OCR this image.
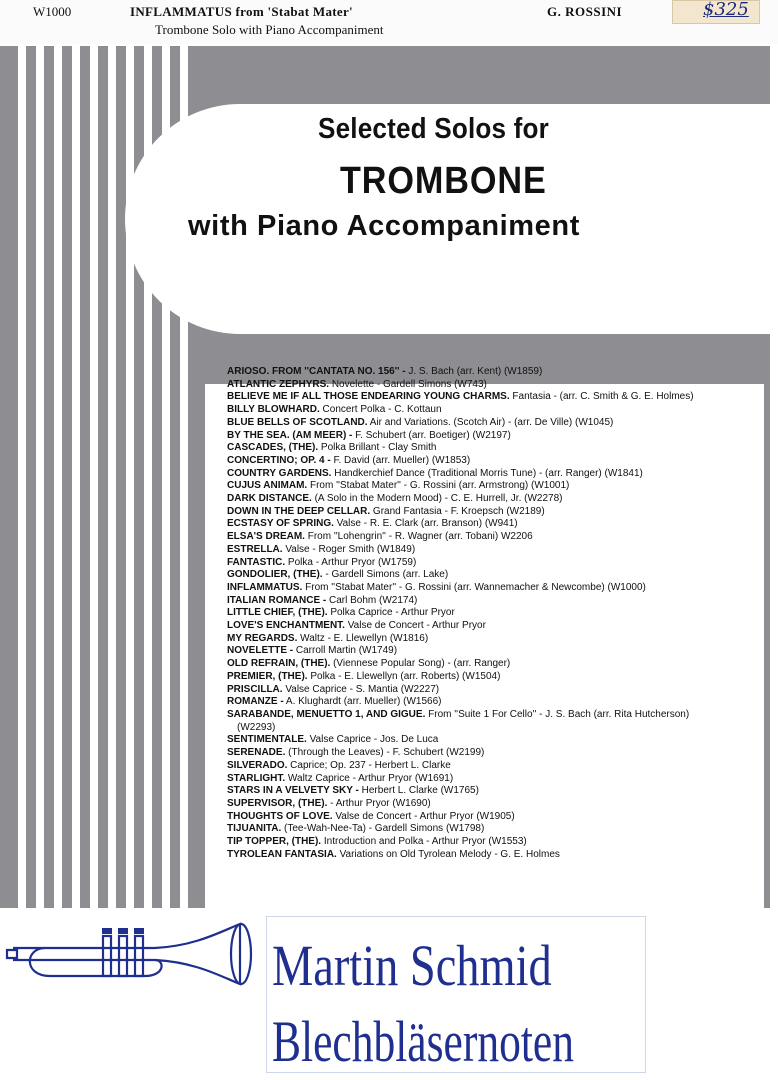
W1000	INFLAMMATUS from 'Stabat Mater'
Trombone Solo with Piano Accompaniment
G. ROSSINI	$325
Selected Solos for
TROMBONE
with Piano Accompaniment
ARIOSO. FROM ''CANTATA NO. 156'' - J. S. Bach (arr. Kent) (W1859)
ATLANTIC ZEPHYRS. Novelette - Gardell Simons (W743)
BELIEVE ME IF ALL THOSE ENDEARING YOUNG CHARMS. Fantasia - (arr. C. Smith & G. E. Holmes)
BILLY BLOWHARD. Concert Polka - C. Kottaun
BLUE BELLS OF SCOTLAND. Air and Variations. (Scotch Air) - (arr. De Ville) (W1045)
BY THE SEA. (AM MEER) - F. Schubert (arr. Boetiger) (W2197)
CASCADES, (THE). Polka Brillant - Clay Smith
CONCERTINO; OP. 4 - F. David (arr. Mueller) (W1853)
COUNTRY GARDENS. Handkerchief Dance (Traditional Morris Tune) - (arr. Ranger) (W1841)
CUJUS ANIMAM. From ''Stabat Mater'' - G. Rossini (arr. Armstrong) (W1001)
DARK DISTANCE. (A Solo in the Modern Mood) - C. E. Hurrell, Jr. (W2278)
DOWN IN THE DEEP CELLAR. Grand Fantasia - F. Kroepsch (W2189)
ECSTASY OF SPRING. Valse - R. E. Clark (arr. Branson) (W941)
ELSA'S DREAM. From ''Lohengrin'' - R. Wagner (arr. Tobani) W2206
ESTRELLA. Valse - Roger Smith (W1849)
FANTASTIC. Polka - Arthur Pryor (W1759)
GONDOLIER, (THE). - Gardell Simons (arr. Lake)
INFLAMMATUS. From ''Stabat Mater'' - G. Rossini (arr. Wannemacher & Newcombe) (W1000)
ITALIAN ROMANCE - Carl Bohm (W2174)
LITTLE CHIEF, (THE). Polka Caprice - Arthur Pryor
LOVE'S ENCHANTMENT. Valse de Concert - Arthur Pryor
MY REGARDS. Waltz - E. Llewellyn (W1816)
NOVELETTE - Carroll Martin (W1749)
OLD REFRAIN, (THE). (Viennese Popular Song) - (arr. Ranger)
PREMIER, (THE). Polka - E. Llewellyn (arr. Roberts) (W1504)
PRISCILLA. Valse Caprice - S. Mantia (W2227)
ROMANZE - A. Klughardt (arr. Mueller) (W1566)
SARABANDE, MENUETTO 1, AND GIGUE. From ''Suite 1 For Cello'' - J. S. Bach (arr. Rita Hutcherson) (W2293)
SENTIMENTALE. Valse Caprice - Jos. De Luca
SERENADE. (Through the Leaves) - F. Schubert (W2199)
SILVERADO. Caprice; Op. 237 - Herbert L. Clarke
STARLIGHT. Waltz Caprice - Arthur Pryor (W1691)
STARS IN A VELVETY SKY - Herbert L. Clarke (W1765)
SUPERVISOR, (THE). - Arthur Pryor (W1690)
THOUGHTS OF LOVE. Valse de Concert - Arthur Pryor (W1905)
TIJUANITA. (Tee-Wah-Nee-Ta) - Gardell Simons (W1798)
TIP TOPPER, (THE). Introduction and Polka - Arthur Pryor (W1553)
TYROLEAN FANTASIA. Variations on Old Tyrolean Melody - G. E. Holmes
Martin Schmid
Blechbläsernoten
